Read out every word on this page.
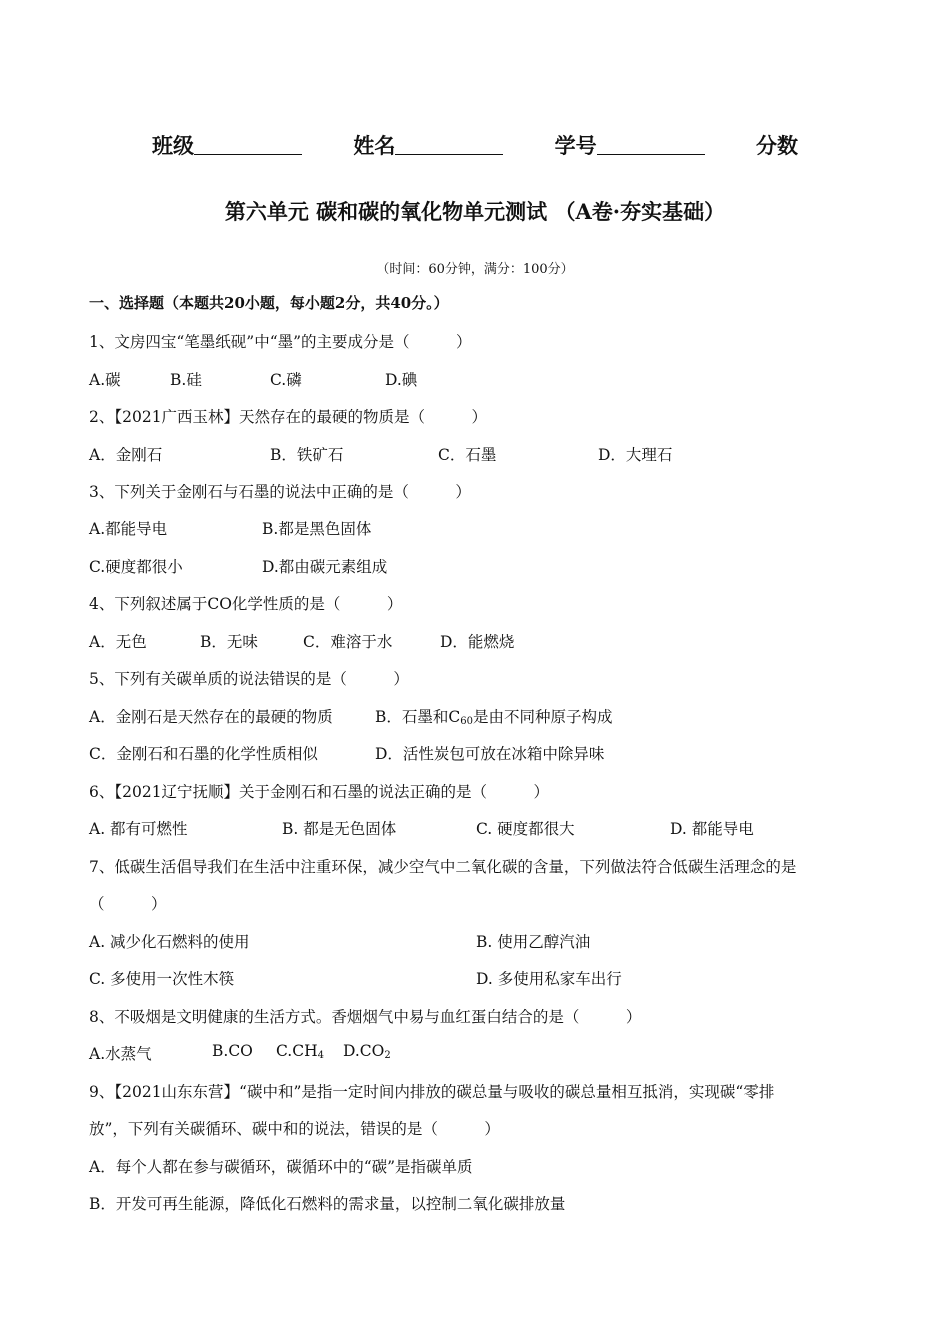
班级	姓名	学号	分数
第六单元 碳和碳的氧化物单元测试 （A卷·夯实基础）
（时间：60分钟，满分：100分）
一、选择题（本题共20小题，每小题2分，共40分。）
1、文房四宝“笔墨纸砚”中“墨”的主要成分是（　　　）
A.碳	B.硅	C.磷	D.碘
2、【2021广西玉林】天然存在的最硬的物质是（　　　）
A．金刚石	B．铁矿石	C．石墨	D．大理石
3、下列关于金刚石与石墨的说法中正确的是（　　　）
A.都能导电	B.都是黑色固体
C.硬度都很小	D.都由碳元素组成
4、下列叙述属于CO化学性质的是（　　　）
A．无色	B．无味	C．难溶于水	D．能燃烧
5、下列有关碳单质的说法错误的是（　　　）
A．金刚石是天然存在的最硬的物质	B．石墨和$C_{60}$是由不同种原子构成
C．金刚石和石墨的化学性质相似	D．活性炭包可放在冰箱中除异味
6、【2021辽宁抚顺】关于金刚石和石墨的说法正确的是（　　　）
A. 都有可燃性	B. 都是无色固体	C. 硬度都很大	D. 都能导电
7、低碳生活倡导我们在生活中注重环保，减少空气中二氧化碳的含量，下列做法符合低碳生活理念的是
（　　　）
A. 减少化石燃料的使用	B. 使用乙醇汽油
C. 多使用一次性木筷	D. 多使用私家车出行
8、不吸烟是文明健康的生活方式。香烟烟气中易与血红蛋白结合的是（　　　）
A.水蒸气	B.CO $C.CH_4$ $D.CO_2$
9、【2021山东东营】“碳中和”是指一定时间内排放的碳总量与吸收的碳总量相互抵消，实现碳“零排
放”，下列有关碳循环、碳中和的说法，错误的是（　　　）
A．每个人都在参与碳循环，碳循环中的“碳”是指碳单质
B．开发可再生能源，降低化石燃料的需求量，以控制二氧化碳排放量
